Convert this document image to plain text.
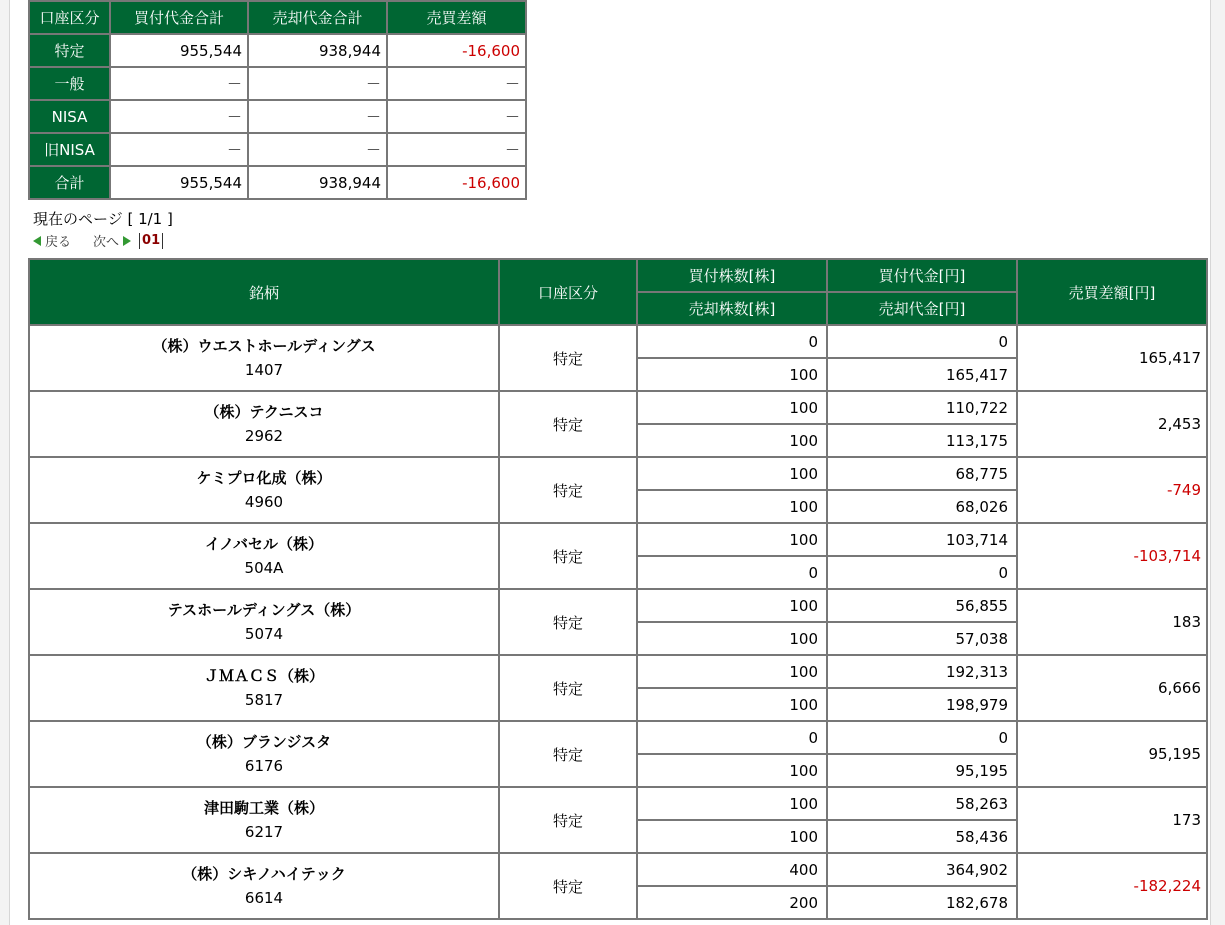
口座区分	買付代金合計	売却代金合計	売買差額
特定	955,544	938,944	-16,600
一般	－	－	－
NISA	－	－	－
旧NISA	－	－	－
合計	955,544	938,944	-16,600
現在のページ [ 1/1 ]
戻る 次へ 01
銘柄	口座区分	買付株数[株]	買付代金[円]	売買差額[円]
		売却株数[株]	売却代金[円]	

（株）ウエストホールディングス
1407	特定	0	0	165,417
		100	165,417	

（株）テクニスコ
2962	特定	100	110,722	2,453
		100	113,175	

ケミプロ化成（株）
4960	特定	100	68,775	-749
		100	68,026	

イノバセル（株）
504A	特定	100	103,714	-103,714
		0	0	

テスホールディングス（株）
5074	特定	100	56,855	183
		100	57,038	

ＪＭＡＣＳ（株）
5817	特定	100	192,313	6,666
		100	198,979	

（株）ブランジスタ
6176	特定	0	0	95,195
		100	95,195	

津田駒工業（株）
6217	特定	100	58,263	173
		100	58,436	

（株）シキノハイテック
6614	特定	400	364,902	-182,224
		200	182,678	
